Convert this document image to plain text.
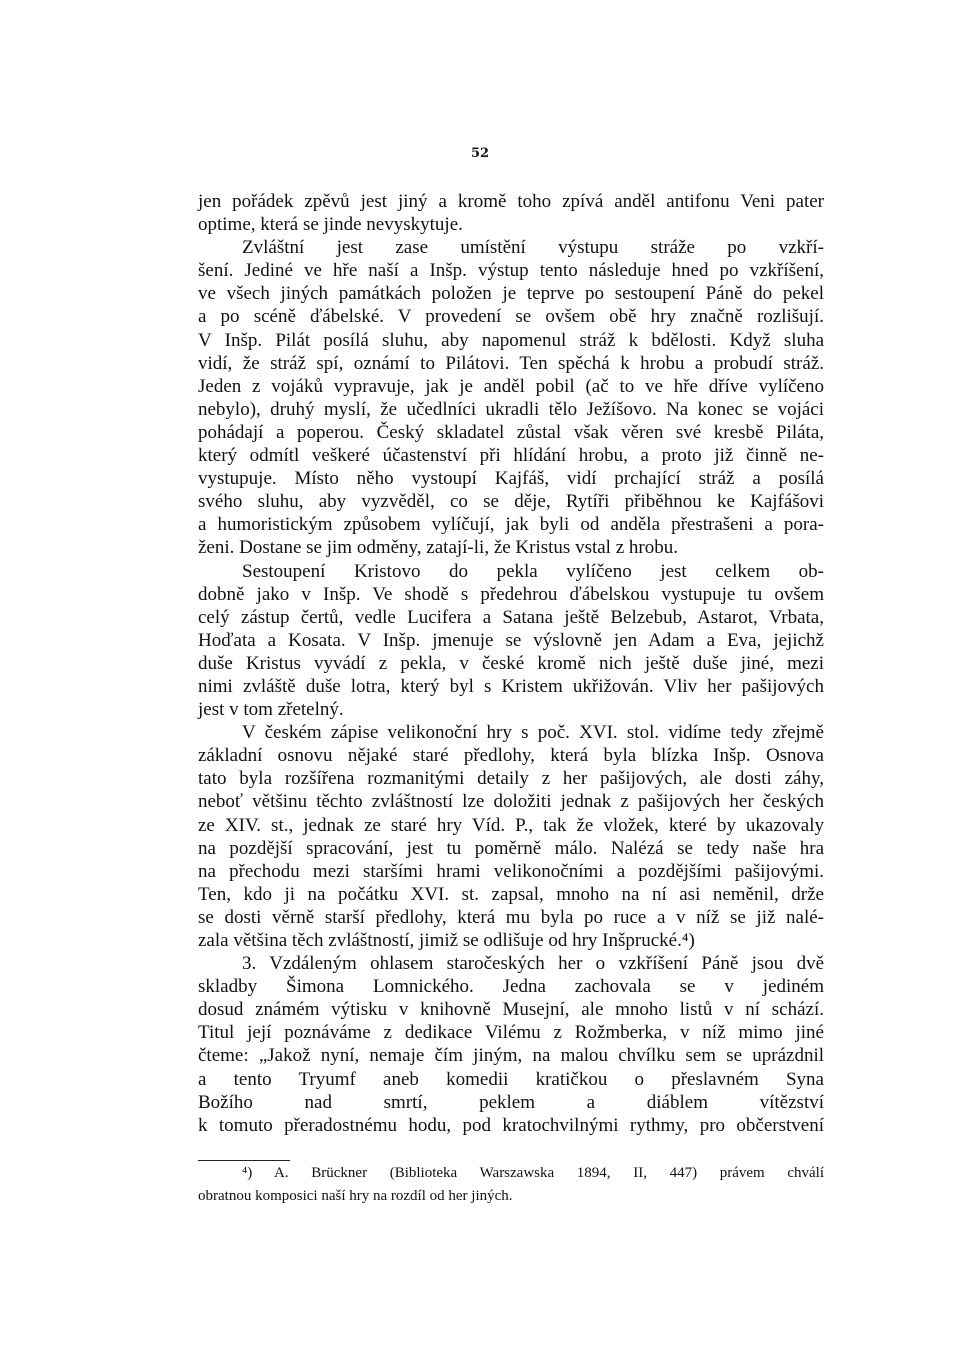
52
jen pořádek zpěvů jest jiný a kromě toho zpívá anděl antifonu Veni pater
optime, která se jinde nevyskytuje.
Zvláštní jest zase umístění výstupu stráže po vzkří-
šení. Jediné ve hře naší a Inšp. výstup tento následuje hned po vzkříšení,
ve všech jiných památkách položen je teprve po sestoupení Páně do pekel
a po scéně ďábelské. V provedení se ovšem obě hry značně rozlišují.
V Inšp. Pilát posílá sluhu, aby napomenul stráž k bdělosti. Když sluha
vidí, že stráž spí, oznámí to Pilátovi. Ten spěchá k hrobu a probudí stráž.
Jeden z vojáků vypravuje, jak je anděl pobil (ač to ve hře dříve vylíčeno
nebylo), druhý myslí, že učedlníci ukradli tělo Ježíšovo. Na konec se vojáci
pohádají a poperou. Český skladatel zůstal však věren své kresbě Piláta,
který odmítl veškeré účastenství při hlídání hrobu, a proto již činně ne-
vystupuje. Místo něho vystoupí Kajfáš, vidí prchající stráž a posílá
svého sluhu, aby vyzvěděl, co se děje, Rytíři přiběhnou ke Kajfášovi
a humoristickým způsobem vylíčují, jak byli od anděla přestrašeni a pora-
ženi. Dostane se jim odměny, zatají-li, že Kristus vstal z hrobu.
Sestoupení Kristovo do pekla vylíčeno jest celkem ob-
dobně jako v Inšp. Ve shodě s předehrou ďábelskou vystupuje tu ovšem
celý zástup čertů, vedle Lucifera a Satana ještě Belzebub, Astarot, Vrbata,
Hoďata a Kosata. V Inšp. jmenuje se výslovně jen Adam a Eva, jejichž
duše Kristus vyvádí z pekla, v české kromě nich ještě duše jiné, mezi
nimi zvláště duše lotra, který byl s Kristem ukřižován. Vliv her pašijových
jest v tom zřetelný.
V českém zápise velikonoční hry s poč. XVI. stol. vidíme tedy zřejmě
základní osnovu nějaké staré předlohy, která byla blízka Inšp. Osnova
tato byla rozšířena rozmanitými detaily z her pašijových, ale dosti záhy,
neboť většinu těchto zvláštností lze doložiti jednak z pašijových her českých
ze XIV. st., jednak ze staré hry Víd. P., tak že vložek, které by ukazovaly
na pozdější spracování, jest tu poměrně málo. Nalézá se tedy naše hra
na přechodu mezi staršími hrami velikonočními a pozdějšími pašijovými.
Ten, kdo ji na počátku XVI. st. zapsal, mnoho na ní asi neměnil, drže
se dosti věrně starší předlohy, která mu byla po ruce a v níž se již nalé-
zala většina těch zvláštností, jimiž se odlišuje od hry Inšprucké.⁴)
3. Vzdáleným ohlasem staročeských her o vzkříšení Páně jsou dvě
skladby Šimona Lomnického. Jedna zachovala se v jediném
dosud známém výtisku v knihovně Musejní, ale mnoho listů v ní schází.
Titul její poznáváme z dedikace Vilému z Rožmberka, v níž mimo jiné
čteme: „Jakož nyní, nemaje čím jiným, na malou chvílku sem se uprázdnil
a tento Tryumf aneb komedii kratičkou o přeslavném Syna
Božího nad smrtí, peklem a diáblem vítězství
k tomuto přeradostnému hodu, pod kratochvilnými rythmy, pro občerstvení
⁴) A. Brückner (Biblioteka Warszawska 1894, II, 447) právem chválí
obratnou komposici naší hry na rozdíl od her jiných.
